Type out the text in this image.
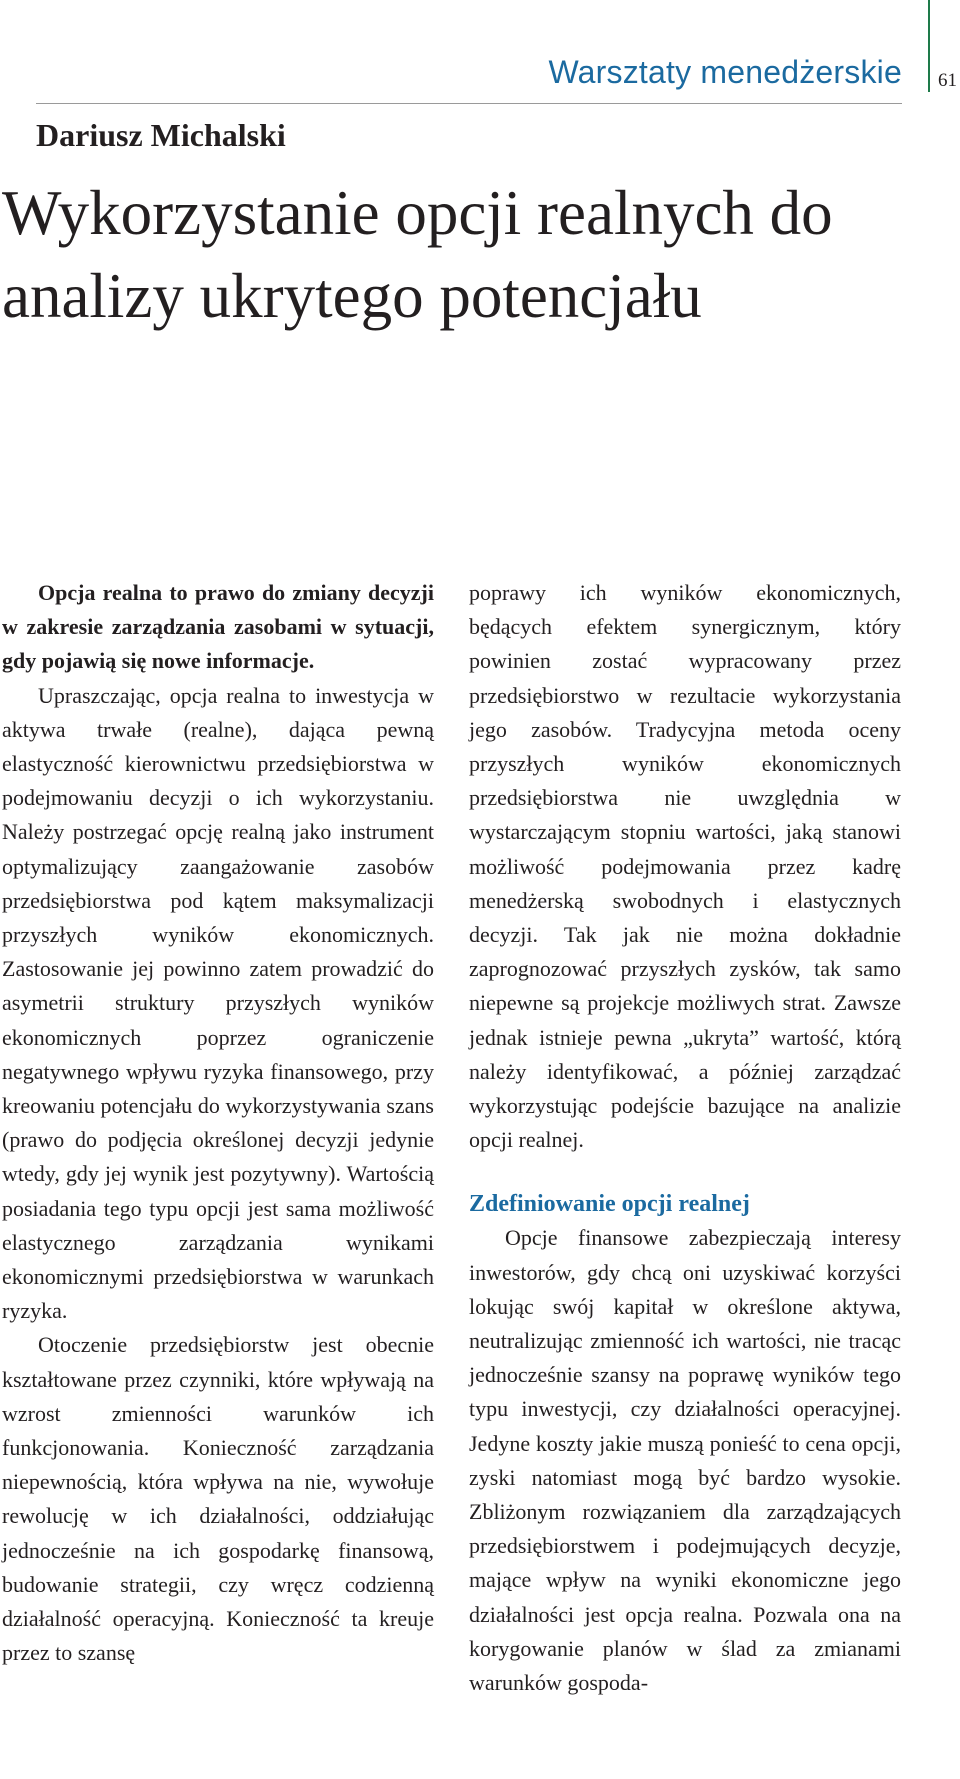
Warsztaty menedżerskie 61
Dariusz Michalski
Wykorzystanie opcji realnych do analizy ukrytego potencjału

Opcja realna to prawo do zmiany decyzji w zakresie zarządzania zasobami w sytuacji, gdy pojawią się nowe informacje.

Upraszczając, opcja realna to inwestycja w aktywa trwałe (realne), dająca pewną elastyczność kierownictwu przedsiębiorstwa w podejmowaniu decyzji o ich wykorzystaniu. Należy postrzegać opcję realną jako instrument optymalizujący zaangażowanie zasobów przedsiębiorstwa pod kątem maksymalizacji przyszłych wyników ekonomicznych. Zastosowanie jej powinno zatem prowadzić do asymetrii struktury przyszłych wyników ekonomicznych poprzez ograniczenie negatywnego wpływu ryzyka finansowego, przy kreowaniu potencjału do wykorzystywania szans (prawo do podjęcia określonej decyzji jedynie wtedy, gdy jej wynik jest pozytywny). Wartością posiadania tego typu opcji jest sama możliwość elastycznego zarządzania wynikami ekonomicznymi przedsiębiorstwa w warunkach ryzyka.

Otoczenie przedsiębiorstw jest obecnie kształtowane przez czynniki, które wpływają na wzrost zmienności warunków ich funkcjonowania. Konieczność zarządzania niepewnością, która wpływa na nie, wywołuje rewolucję w ich działalności, oddziałując jednocześnie na ich gospodarkę finansową, budowanie strategii, czy wręcz codzienną działalność operacyjną. Konieczność ta kreuje przez to szansę

poprawy ich wyników ekonomicznych, będących efektem synergicznym, który powinien zostać wypracowany przez przedsiębiorstwo w rezultacie wykorzystania jego zasobów. Tradycyjna metoda oceny przyszłych wyników ekonomicznych przedsiębiorstwa nie uwzględnia w wystarczającym stopniu wartości, jaką stanowi możliwość podejmowania przez kadrę menedżerską swobodnych i elastycznych decyzji. Tak jak nie można dokładnie zaprognozować przyszłych zysków, tak samo niepewne są projekcje możliwych strat. Zawsze jednak istnieje pewna „ukryta” wartość, którą należy identyfikować, a później zarządzać wykorzystując podejście bazujące na analizie opcji realnej.

Zdefiniowanie opcji realnej

Opcje finansowe zabezpieczają interesy inwestorów, gdy chcą oni uzyskiwać korzyści lokując swój kapitał w określone aktywa, neutralizując zmienność ich wartości, nie tracąc jednocześnie szansy na poprawę wyników tego typu inwestycji, czy działalności operacyjnej. Jedyne koszty jakie muszą ponieść to cena opcji, zyski natomiast mogą być bardzo wysokie. Zbliżonym rozwiązaniem dla zarządzających przedsiębiorstwem i podejmujących decyzje, mające wpływ na wyniki ekonomiczne jego działalności jest opcja realna. Pozwala ona na korygowanie planów w ślad za zmianami warunków gospoda-
